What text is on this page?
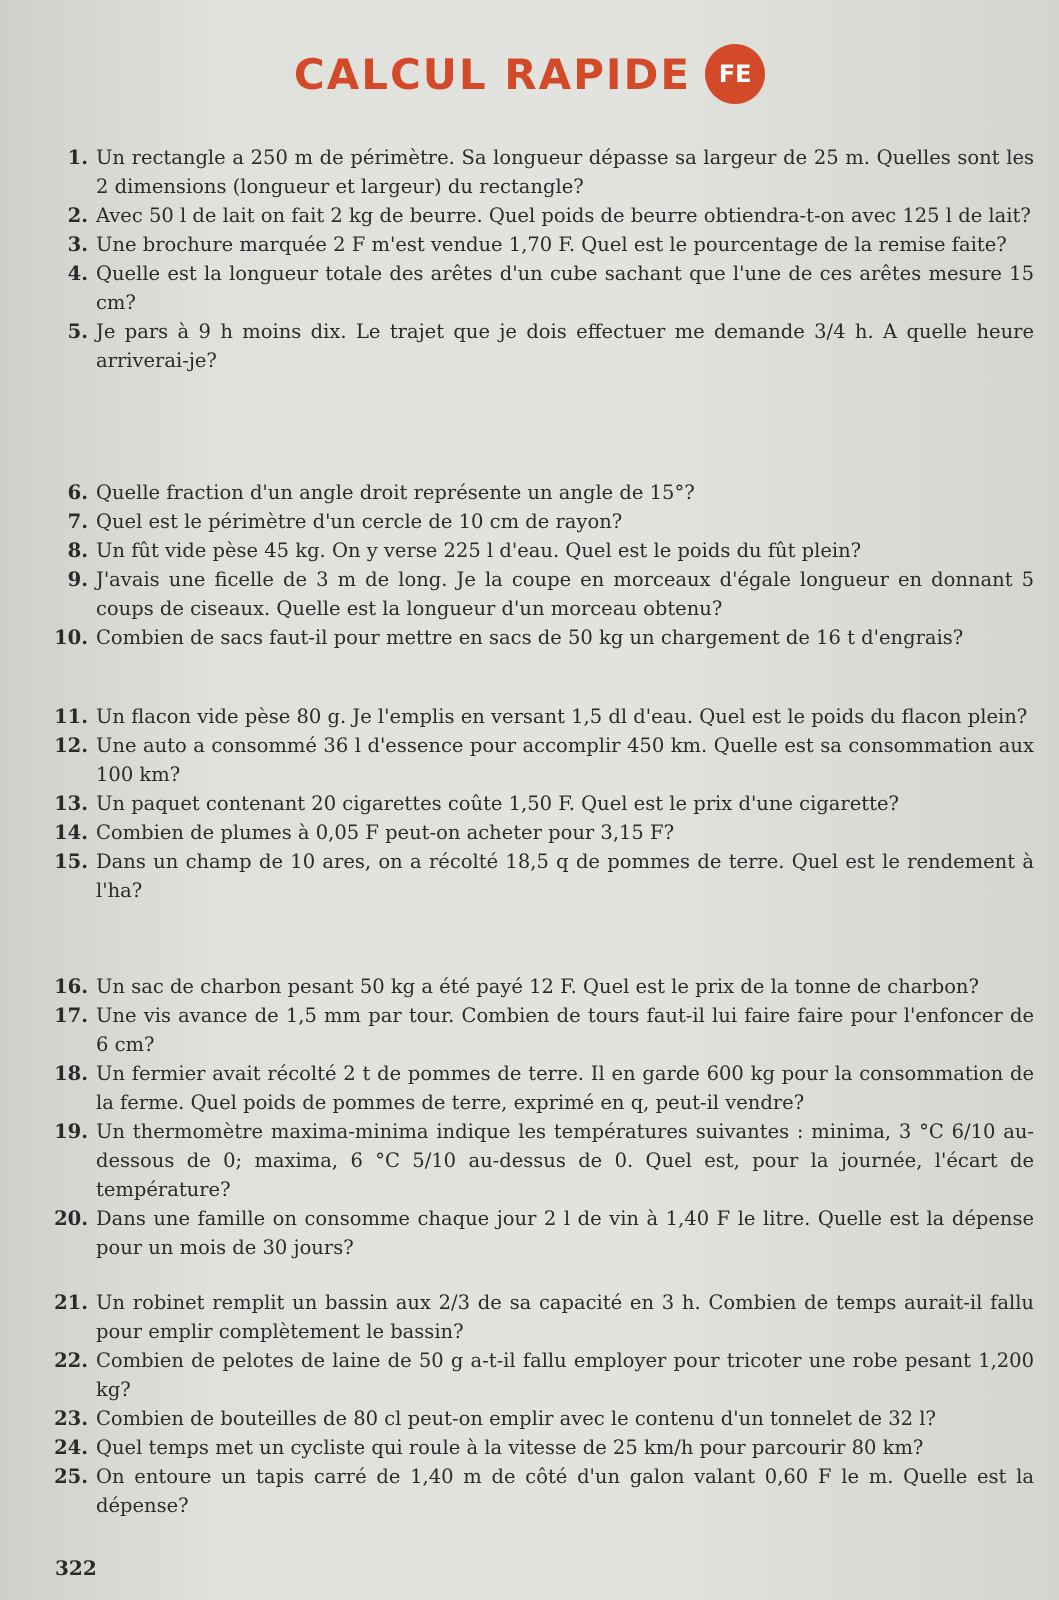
CALCUL RAPIDE	FE
1. Un rectangle a 250 m de périmètre. Sa longueur dépasse sa largeur de 25 m. Quelles sont les 2 dimensions (longueur et largeur) du rectangle?
2. Avec 50 l de lait on fait 2 kg de beurre. Quel poids de beurre obtiendra-t-on avec 125 l de lait?
3. Une brochure marquée 2 F m'est vendue 1,70 F. Quel est le pourcentage de la remise faite?
4. Quelle est la longueur totale des arêtes d'un cube sachant que l'une de ces arêtes mesure 15 cm?
5. Je pars à 9 h moins dix. Le trajet que je dois effectuer me demande 3/4 h. A quelle heure arriverai-je?
6. Quelle fraction d'un angle droit représente un angle de 15°?
7. Quel est le périmètre d'un cercle de 10 cm de rayon?
8. Un fût vide pèse 45 kg. On y verse 225 l d'eau. Quel est le poids du fût plein?
9. J'avais une ficelle de 3 m de long. Je la coupe en morceaux d'égale longueur en donnant 5 coups de ciseaux. Quelle est la longueur d'un morceau obtenu?
10. Combien de sacs faut-il pour mettre en sacs de 50 kg un chargement de 16 t d'engrais?
11. Un flacon vide pèse 80 g. Je l'emplis en versant 1,5 dl d'eau. Quel est le poids du flacon plein?
12. Une auto a consommé 36 l d'essence pour accomplir 450 km. Quelle est sa consommation aux 100 km?
13. Un paquet contenant 20 cigarettes coûte 1,50 F. Quel est le prix d'une cigarette?
14. Combien de plumes à 0,05 F peut-on acheter pour 3,15 F?
15. Dans un champ de 10 ares, on a récolté 18,5 q de pommes de terre. Quel est le rendement à l'ha?
16. Un sac de charbon pesant 50 kg a été payé 12 F. Quel est le prix de la tonne de charbon?
17. Une vis avance de 1,5 mm par tour. Combien de tours faut-il lui faire faire pour l'enfoncer de 6 cm?
18. Un fermier avait récolté 2 t de pommes de terre. Il en garde 600 kg pour la consommation de la ferme. Quel poids de pommes de terre, exprimé en q, peut-il vendre?
19. Un thermomètre maxima-minima indique les températures suivantes : minima, 3 °C 6/10 au-dessous de 0; maxima, 6 °C 5/10 au-dessus de 0. Quel est, pour la journée, l'écart de température?
20. Dans une famille on consomme chaque jour 2 l de vin à 1,40 F le litre. Quelle est la dépense pour un mois de 30 jours?
21. Un robinet remplit un bassin aux 2/3 de sa capacité en 3 h. Combien de temps aurait-il fallu pour emplir complètement le bassin?
22. Combien de pelotes de laine de 50 g a-t-il fallu employer pour tricoter une robe pesant 1,200 kg?
23. Combien de bouteilles de 80 cl peut-on emplir avec le contenu d'un tonnelet de 32 l?
24. Quel temps met un cycliste qui roule à la vitesse de 25 km/h pour parcourir 80 km?
25. On entoure un tapis carré de 1,40 m de côté d'un galon valant 0,60 F le m. Quelle est la dépense?
322
